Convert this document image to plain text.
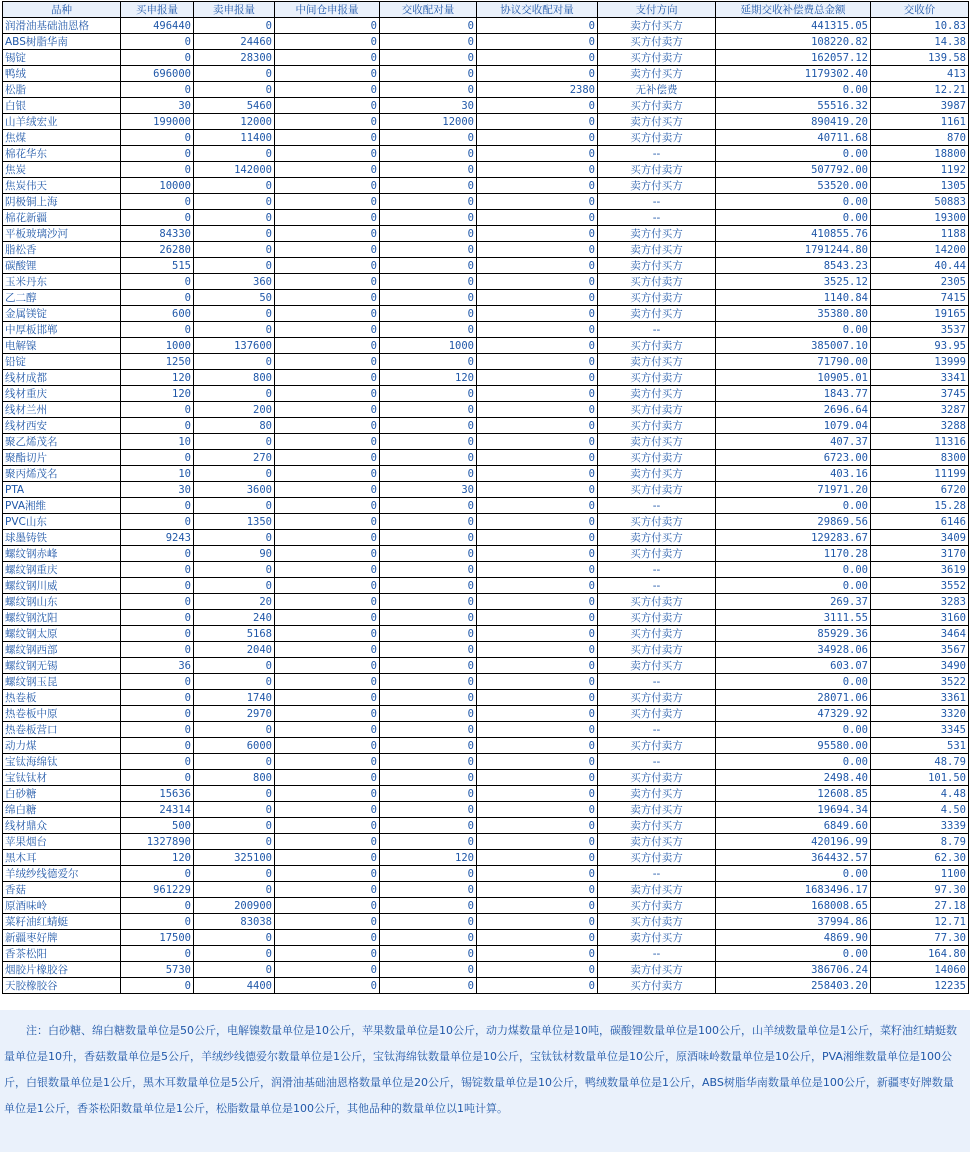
品种	买申报量	卖申报量	中间仓申报量	交收配对量	协议交收配对量	支付方向	延期交收补偿费总金额	交收价
润滑油基础油恩格	496440	0	0	0	0	卖方付买方	441315.05	10.83
ABS树脂华南	0	24460	0	0	0	买方付卖方	108220.82	14.38
锡锭	0	28300	0	0	0	买方付卖方	162057.12	139.58
鸭绒	696000	0	0	0	0	卖方付买方	1179302.40	413
松脂	0	0	0	0	2380	无补偿费	0.00	12.21
白银	30	5460	0	30	0	买方付卖方	55516.32	3987
山羊绒宏业	199000	12000	0	12000	0	卖方付买方	890419.20	1161
焦煤	0	11400	0	0	0	买方付卖方	40711.68	870
棉花华东	0	0	0	0	0	--	0.00	18800
焦炭	0	142000	0	0	0	买方付卖方	507792.00	1192
焦炭伟天	10000	0	0	0	0	卖方付买方	53520.00	1305
阴极铜上海	0	0	0	0	0	--	0.00	50883
棉花新疆	0	0	0	0	0	--	0.00	19300
平板玻璃沙河	84330	0	0	0	0	卖方付买方	410855.76	1188
脂松香	26280	0	0	0	0	卖方付买方	1791244.80	14200
碳酸锂	515	0	0	0	0	卖方付买方	8543.23	40.44
玉米丹东	0	360	0	0	0	买方付卖方	3525.12	2305
乙二醇	0	50	0	0	0	买方付卖方	1140.84	7415
金属镁锭	600	0	0	0	0	卖方付买方	35380.80	19165
中厚板邯郸	0	0	0	0	0	--	0.00	3537
电解镍	1000	137600	0	1000	0	买方付卖方	385007.10	93.95
铅锭	1250	0	0	0	0	卖方付买方	71790.00	13999
线材成都	120	800	0	120	0	买方付卖方	10905.01	3341
线材重庆	120	0	0	0	0	卖方付买方	1843.77	3745
线材兰州	0	200	0	0	0	买方付卖方	2696.64	3287
线材西安	0	80	0	0	0	买方付卖方	1079.04	3288
聚乙烯茂名	10	0	0	0	0	卖方付买方	407.37	11316
聚酯切片	0	270	0	0	0	买方付卖方	6723.00	8300
聚丙烯茂名	10	0	0	0	0	卖方付买方	403.16	11199
PTA	30	3600	0	30	0	买方付卖方	71971.20	6720
PVA湘维	0	0	0	0	0	--	0.00	15.28
PVC山东	0	1350	0	0	0	买方付卖方	29869.56	6146
球墨铸铁	9243	0	0	0	0	卖方付买方	129283.67	3409
螺纹钢赤峰	0	90	0	0	0	买方付卖方	1170.28	3170
螺纹钢重庆	0	0	0	0	0	--	0.00	3619
螺纹钢川威	0	0	0	0	0	--	0.00	3552
螺纹钢山东	0	20	0	0	0	买方付卖方	269.37	3283
螺纹钢沈阳	0	240	0	0	0	买方付卖方	3111.55	3160
螺纹钢太原	0	5168	0	0	0	买方付卖方	85929.36	3464
螺纹钢西部	0	2040	0	0	0	买方付卖方	34928.06	3567
螺纹钢无锡	36	0	0	0	0	卖方付买方	603.07	3490
螺纹钢玉昆	0	0	0	0	0	--	0.00	3522
热卷板	0	1740	0	0	0	买方付卖方	28071.06	3361
热卷板中原	0	2970	0	0	0	买方付卖方	47329.92	3320
热卷板营口	0	0	0	0	0	--	0.00	3345
动力煤	0	6000	0	0	0	买方付卖方	95580.00	531
宝钛海绵钛	0	0	0	0	0	--	0.00	48.79
宝钛钛材	0	800	0	0	0	买方付卖方	2498.40	101.50
白砂糖	15636	0	0	0	0	卖方付买方	12608.85	4.48
绵白糖	24314	0	0	0	0	卖方付买方	19694.34	4.50
线材鼎众	500	0	0	0	0	卖方付买方	6849.60	3339
苹果烟台	1327890	0	0	0	0	卖方付买方	420196.99	8.79
黑木耳	120	325100	0	120	0	买方付卖方	364432.57	62.30
羊绒纱线德爱尔	0	0	0	0	0	--	0.00	1100
香菇	961229	0	0	0	0	卖方付买方	1683496.17	97.30
原酒味岭	0	200900	0	0	0	买方付卖方	168008.65	27.18
菜籽油红蜻蜓	0	83038	0	0	0	买方付卖方	37994.86	12.71
新疆枣好牌	17500	0	0	0	0	卖方付买方	4869.90	77.30
香茶松阳	0	0	0	0	0	--	0.00	164.80
烟胶片橡胶谷	5730	0	0	0	0	卖方付买方	386706.24	14060
天胶橡胶谷	0	4400	0	0	0	买方付卖方	258403.20	12235
注：白砂糖、绵白糖数量单位是50公斤，电解镍数量单位是10公斤，苹果数量单位是10公斤，动力煤数量单位是10吨，碳酸锂数量单位是100公斤，山羊绒数量单位是1公斤，菜籽油红蜻蜓数量单位是10升，香菇数量单位是5公斤，羊绒纱线德爱尔数量单位是1公斤，宝钛海绵钛数量单位是10公斤，宝钛钛材数量单位是10公斤，原酒味岭数量单位是10公斤，PVA湘维数量单位是100公斤，白银数量单位是1公斤，黑木耳数量单位是5公斤，润滑油基础油恩格数量单位是20公斤，锡锭数量单位是10公斤，鸭绒数量单位是1公斤，ABS树脂华南数量单位是100公斤，新疆枣好牌数量单位是1公斤，香茶松阳数量单位是1公斤，松脂数量单位是100公斤，其他品种的数量单位以1吨计算。
